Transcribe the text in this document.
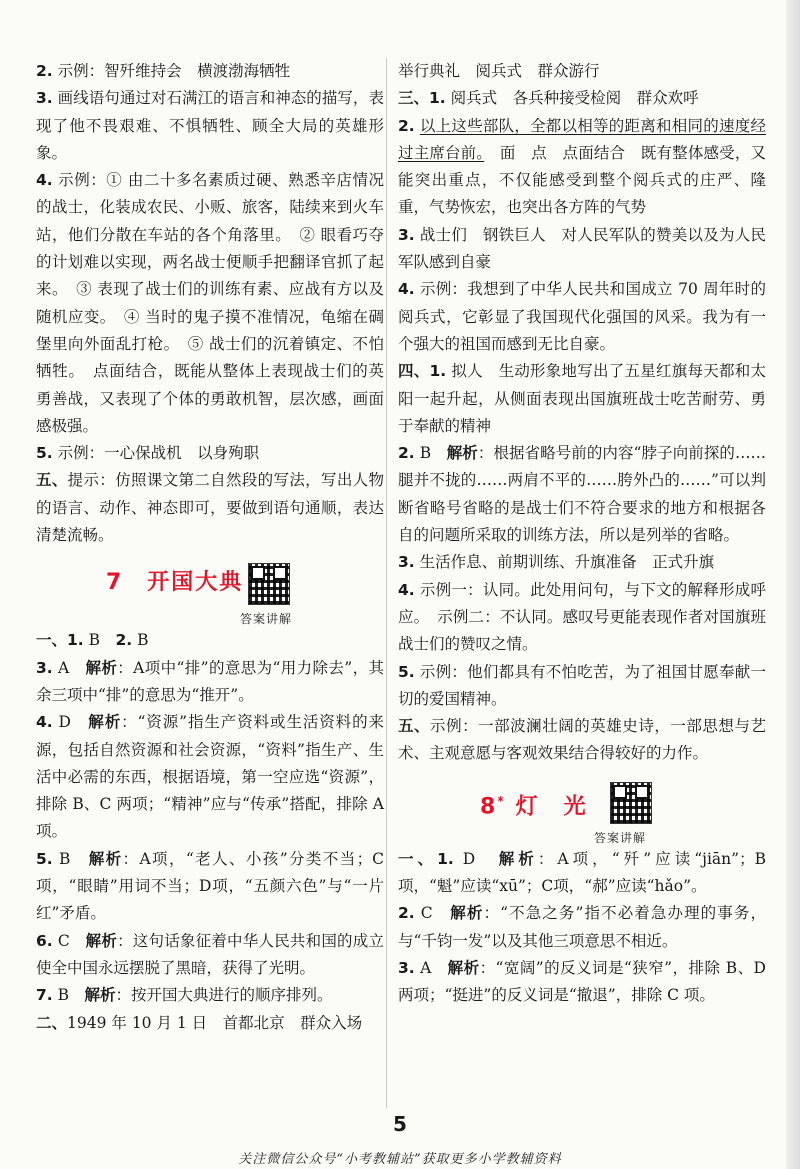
2. 示例：智歼维持会　横渡渤海牺牲

3. 画线语句通过对石满江的语言和神态的描写，表现了他不畏艰难、不惧牺牲、顾全大局的英雄形象。

4. 示例：① 由二十多名素质过硬、熟悉辛店情况的战士，化装成农民、小贩、旅客，陆续来到火车站，他们分散在车站的各个角落里。　② 眼看巧夺的计划难以实现，两名战士便顺手把翻译官抓了起来。　③ 表现了战士们的训练有素、应战有方以及随机应变。　④ 当时的鬼子摸不准情况，龟缩在碉堡里向外面乱打枪。　⑤ 战士们的沉着镇定、不怕牺牲。　点面结合，既能从整体上表现战士们的英勇善战，又表现了个体的勇敢机智，层次感，画面感极强。

5. 示例：一心保战机　以身殉职

五、提示：仿照课文第二自然段的写法，写出人物的语言、动作、神态即可，要做到语句通顺，表达清楚流畅。

7　开国大典
答案讲解

一、1. B　2. B

3. A　解析：A项中“排”的意思为“用力除去”，其余三项中“排”的意思为“推开”。

4. D　解析：“资源”指生产资料或生活资料的来源，包括自然资源和社会资源，“资料”指生产、生活中必需的东西，根据语境，第一空应选“资源”，排除 B、C 两项；“精神”应与“传承”搭配，排除 A 项。

5. B　解析：A项，“老人、小孩”分类不当；C项，“眼睛”用词不当；D项，“五颜六色”与“一片红”矛盾。

6. C　解析：这句话象征着中华人民共和国的成立使全中国永远摆脱了黑暗，获得了光明。

7. B　解析：按开国大典进行的顺序排列。

二、1949 年 10 月 1 日　首都北京　群众入场

举行典礼　阅兵式　群众游行

三、1. 阅兵式　各兵种接受检阅　群众欢呼

2. 以上这些部队，全都以相等的距离和相同的速度经过主席台前。　面　点　点面结合　既有整体感受，又能突出重点，不仅能感受到整个阅兵式的庄严、隆重，气势恢宏，也突出各方阵的气势

3. 战士们　钢铁巨人　对人民军队的赞美以及为人民军队感到自豪

4. 示例：我想到了中华人民共和国成立 70 周年时的阅兵式，它彰显了我国现代化强国的风采。我为有一个强大的祖国而感到无比自豪。

四、1. 拟人　生动形象地写出了五星红旗每天都和太阳一起升起，从侧面表现出国旗班战士吃苦耐劳、勇于奉献的精神

2. B　解析：根据省略号前的内容“脖子向前探的……腿并不拢的……两肩不平的……胯外凸的……”可以判断省略号省略的是战士们不符合要求的地方和根据各自的问题所采取的训练方法，所以是列举的省略。

3. 生活作息、前期训练、升旗准备　正式升旗

4. 示例一：认同。此处用问句，与下文的解释形成呼应。　示例二：不认同。感叹号更能表现作者对国旗班战士们的赞叹之情。

5. 示例：他们都具有不怕吃苦，为了祖国甘愿奉献一切的爱国精神。

五、示例：一部波澜壮阔的英雄史诗，一部思想与艺术、主观意愿与客观效果结合得较好的力作。

8* 灯　光
答案讲解

一、1. D　解析：A项，“歼”应读“jiān”；B项，“魁”应读“xū”；C项，“郝”应读“hǎo”。

2. C　解析：“不急之务”指不必着急办理的事务，与“千钧一发”以及其他三项意思不相近。

3. A　解析：“宽阔”的反义词是“狭窄”，排除 B、D 两项；“挺进”的反义词是“撤退”，排除 C 项。

5
关注微信公众号“小考教辅站”获取更多小学教辅资料
